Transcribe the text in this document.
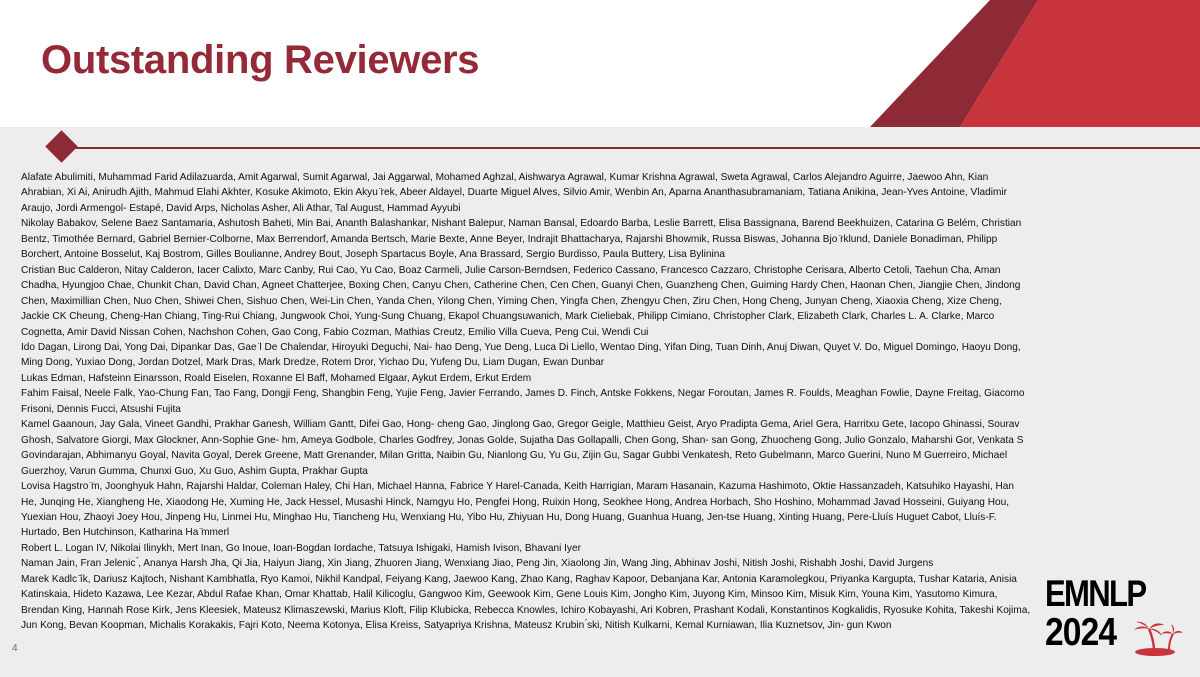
Outstanding Reviewers

Alafate Abulimiti, Muhammad Farid Adilazuarda, Amit Agarwal, Sumit Agarwal, Jai Aggarwal, Mohamed Aghzal, Aishwarya Agrawal, Kumar Krishna Agrawal, Sweta Agrawal, Carlos Alejandro Aguirre, Jaewoo Ahn, Kian Ahrabian, Xi Ai, Anirudh Ajith, Mahmud Elahi Akhter, Kosuke Akimoto, Ekin Akyu ̈rek, Abeer Aldayel, Duarte Miguel Alves, Silvio Amir, Wenbin An, Aparna Ananthasubramaniam, Tatiana Anikina, Jean-Yves Antoine, Vladimir Araujo, Jordi Armengol- Estapé, David Arps, Nicholas Asher, Ali Athar, Tal August, Hammad Ayyubi

Nikolay Babakov, Selene Baez Santamaria, Ashutosh Baheti, Min Bai, Ananth Balashankar, Nishant Balepur, Naman Bansal, Edoardo Barba, Leslie Barrett, Elisa Bassignana, Barend Beekhuizen, Catarina G Belém, Christian Bentz, Timothée Bernard, Gabriel Bernier-Colborne, Max Berrendorf, Amanda Bertsch, Marie Bexte, Anne Beyer, Indrajit Bhattacharya, Rajarshi Bhowmik, Russa Biswas, Johanna Bjo ̈rklund, Daniele Bonadiman, Philipp Borchert, Antoine Bosselut, Kaj Bostrom, Gilles Boulianne, Andrey Bout, Joseph Spartacus Boyle, Ana Brassard, Sergio Burdisso, Paula Buttery, Lisa Bylinina

Cristian Buc Calderon, Nitay Calderon, Iacer Calixto, Marc Canby, Rui Cao, Yu Cao, Boaz Carmeli, Julie Carson-Berndsen, Federico Cassano, Francesco Cazzaro, Christophe Cerisara, Alberto Cetoli, Taehun Cha, Aman Chadha, Hyungjoo Chae, Chunkit Chan, David Chan, Agneet Chatterjee, Boxing Chen, Canyu Chen, Catherine Chen, Cen Chen, Guanyi Chen, Guanzheng Chen, Guiming Hardy Chen, Haonan Chen, Jiangjie Chen, Jindong Chen, Maximillian Chen, Nuo Chen, Shiwei Chen, Sishuo Chen, Wei-Lin Chen, Yanda Chen, Yilong Chen, Yiming Chen, Yingfa Chen, Zhengyu Chen, Ziru Chen, Hong Cheng, Junyan Cheng, Xiaoxia Cheng, Xize Cheng, Jackie CK Cheung, Cheng-Han Chiang, Ting-Rui Chiang, Jungwook Choi, Yung-Sung Chuang, Ekapol Chuangsuwanich, Mark Cieliebak, Philipp Cimiano, Christopher Clark, Elizabeth Clark, Charles L. A. Clarke, Marco Cognetta, Amir David Nissan Cohen, Nachshon Cohen, Gao Cong, Fabio Cozman, Mathias Creutz, Emilio Villa Cueva, Peng Cui, Wendi Cui

Ido Dagan, Lirong Dai, Yong Dai, Dipankar Das, Gae ̈l De Chalendar, Hiroyuki Deguchi, Nai- hao Deng, Yue Deng, Luca Di Liello, Wentao Ding, Yifan Ding, Tuan Dinh, Anuj Diwan, Quyet V. Do, Miguel Domingo, Haoyu Dong, Ming Dong, Yuxiao Dong, Jordan Dotzel, Mark Dras, Mark Dredze, Rotem Dror, Yichao Du, Yufeng Du, Liam Dugan, Ewan Dunbar

Lukas Edman, Hafsteinn Einarsson, Roald Eiselen, Roxanne El Baff, Mohamed Elgaar, Aykut Erdem, Erkut Erdem

Fahim Faisal, Neele Falk, Yao-Chung Fan, Tao Fang, Dongji Feng, Shangbin Feng, Yujie Feng, Javier Ferrando, James D. Finch, Antske Fokkens, Negar Foroutan, James R. Foulds, Meaghan Fowlie, Dayne Freitag, Giacomo Frisoni, Dennis Fucci, Atsushi Fujita

Kamel Gaanoun, Jay Gala, Vineet Gandhi, Prakhar Ganesh, William Gantt, Difei Gao, Hong- cheng Gao, Jinglong Gao, Gregor Geigle, Matthieu Geist, Aryo Pradipta Gema, Ariel Gera, Harritxu Gete, Iacopo Ghinassi, Sourav Ghosh, Salvatore Giorgi, Max Glockner, Ann-Sophie Gne- hm, Ameya Godbole, Charles Godfrey, Jonas Golde, Sujatha Das Gollapalli, Chen Gong, Shan- san Gong, Zhuocheng Gong, Julio Gonzalo, Maharshi Gor, Venkata S Govindarajan, Abhimanyu Goyal, Navita Goyal, Derek Greene, Matt Grenander, Milan Gritta, Naibin Gu, Nianlong Gu, Yu Gu, Zijin Gu, Sagar Gubbi Venkatesh, Reto Gubelmann, Marco Guerini, Nuno M Guerreiro, Michael Guerzhoy, Varun Gumma, Chunxi Guo, Xu Guo, Ashim Gupta, Prakhar Gupta

Lovisa Hagstro ̈m, Joonghyuk Hahn, Rajarshi Haldar, Coleman Haley, Chi Han, Michael Hanna, Fabrice Y Harel-Canada, Keith Harrigian, Maram Hasanain, Kazuma Hashimoto, Oktie Hassanzadeh, Katsuhiko Hayashi, Han He, Junqing He, Xiangheng He, Xiaodong He, Xuming He, Jack Hessel, Musashi Hinck, Namgyu Ho, Pengfei Hong, Ruixin Hong, Seokhee Hong, Andrea Horbach, Sho Hoshino, Mohammad Javad Hosseini, Guiyang Hou, Yuexian Hou, Zhaoyi Joey Hou, Jinpeng Hu, Linmei Hu, Minghao Hu, Tiancheng Hu, Wenxiang Hu, Yibo Hu, Zhiyuan Hu, Dong Huang, Guanhua Huang, Jen-tse Huang, Xinting Huang, Pere-Lluís Huguet Cabot, Lluís-F. Hurtado, Ben Hutchinson, Katharina Ha ̈mmerl

Robert L. Logan IV, Nikolai Ilinykh, Mert Inan, Go Inoue, Ioan-Bogdan Iordache, Tatsuya Ishigaki, Hamish Ivison, Bhavani Iyer

Naman Jain, Fran Jelenic ́, Ananya Harsh Jha, Qi Jia, Haiyun Jiang, Xin Jiang, Zhuoren Jiang, Wenxiang Jiao, Peng Jin, Xiaolong Jin, Wang Jing, Abhinav Joshi, Nitish Joshi, Rishabh Joshi, David Jurgens

Marek Kadlc ̆ík, Dariusz Kajtoch, Nishant Kambhatla, Ryo Kamoi, Nikhil Kandpal, Feiyang Kang, Jaewoo Kang, Zhao Kang, Raghav Kapoor, Debanjana Kar, Antonia Karamolegkou, Priyanka Kargupta, Tushar Kataria, Anisia Katinskaia, Hideto Kazawa, Lee Kezar, Abdul Rafae Khan, Omar Khattab, Halil Kilicoglu, Gangwoo Kim, Geewook Kim, Gene Louis Kim, Jongho Kim, Juyong Kim, Minsoo Kim, Misuk Kim, Youna Kim, Yasutomo Kimura, Brendan King, Hannah Rose Kirk, Jens Kleesiek, Mateusz Klimaszewski, Marius Kloft, Filip Klubicka, Rebecca Knowles, Ichiro Kobayashi, Ari Kobren, Prashant Kodali, Konstantinos Kogkalidis, Ryosuke Kohita, Takeshi Kojima, Jun Kong, Bevan Koopman, Michalis Korakakis, Fajri Koto, Neema Kotonya, Elisa Kreiss, Satyapriya Krishna, Mateusz Krubin ́ski, Nitish Kulkarni, Kemal Kurniawan, Ilia Kuznetsov, Jin- gun Kwon

4
EMNLP
2024
